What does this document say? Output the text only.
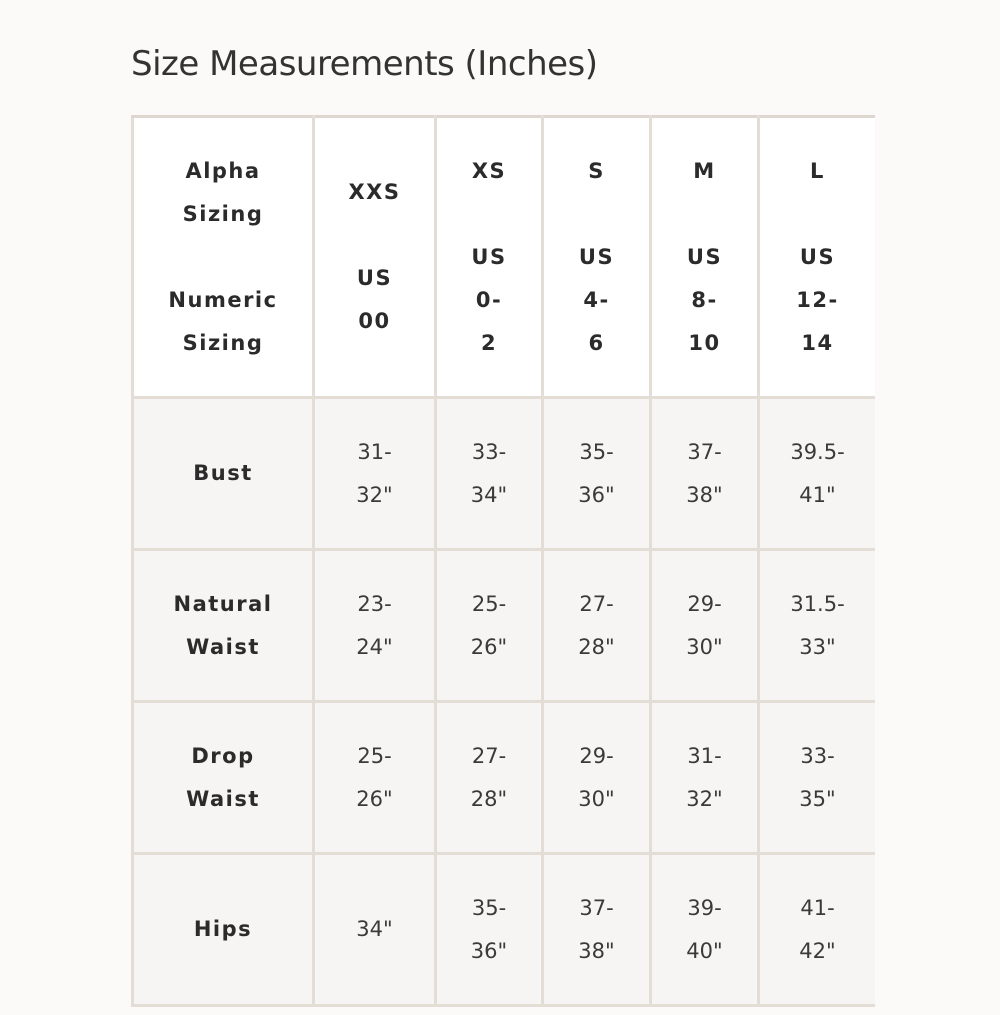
Size Measurements (Inches)
Alpha
Sizing
Numeric
Sizing	XXS
US
00	XS
US
0-
2	S
US
4-
6	M
US
8-
10	L
US
12-
14

Bust	31-
32"	33-
34"	35-
36"	37-
38"	39.5-
41"

Natural
Waist	23-
24"	25-
26"	27-
28"	29-
30"	31.5-
33"

Drop
Waist	25-
26"	27-
28"	29-
30"	31-
32"	33-
35"

Hips	34"	35-
36"	37-
38"	39-
40"	41-
42"
